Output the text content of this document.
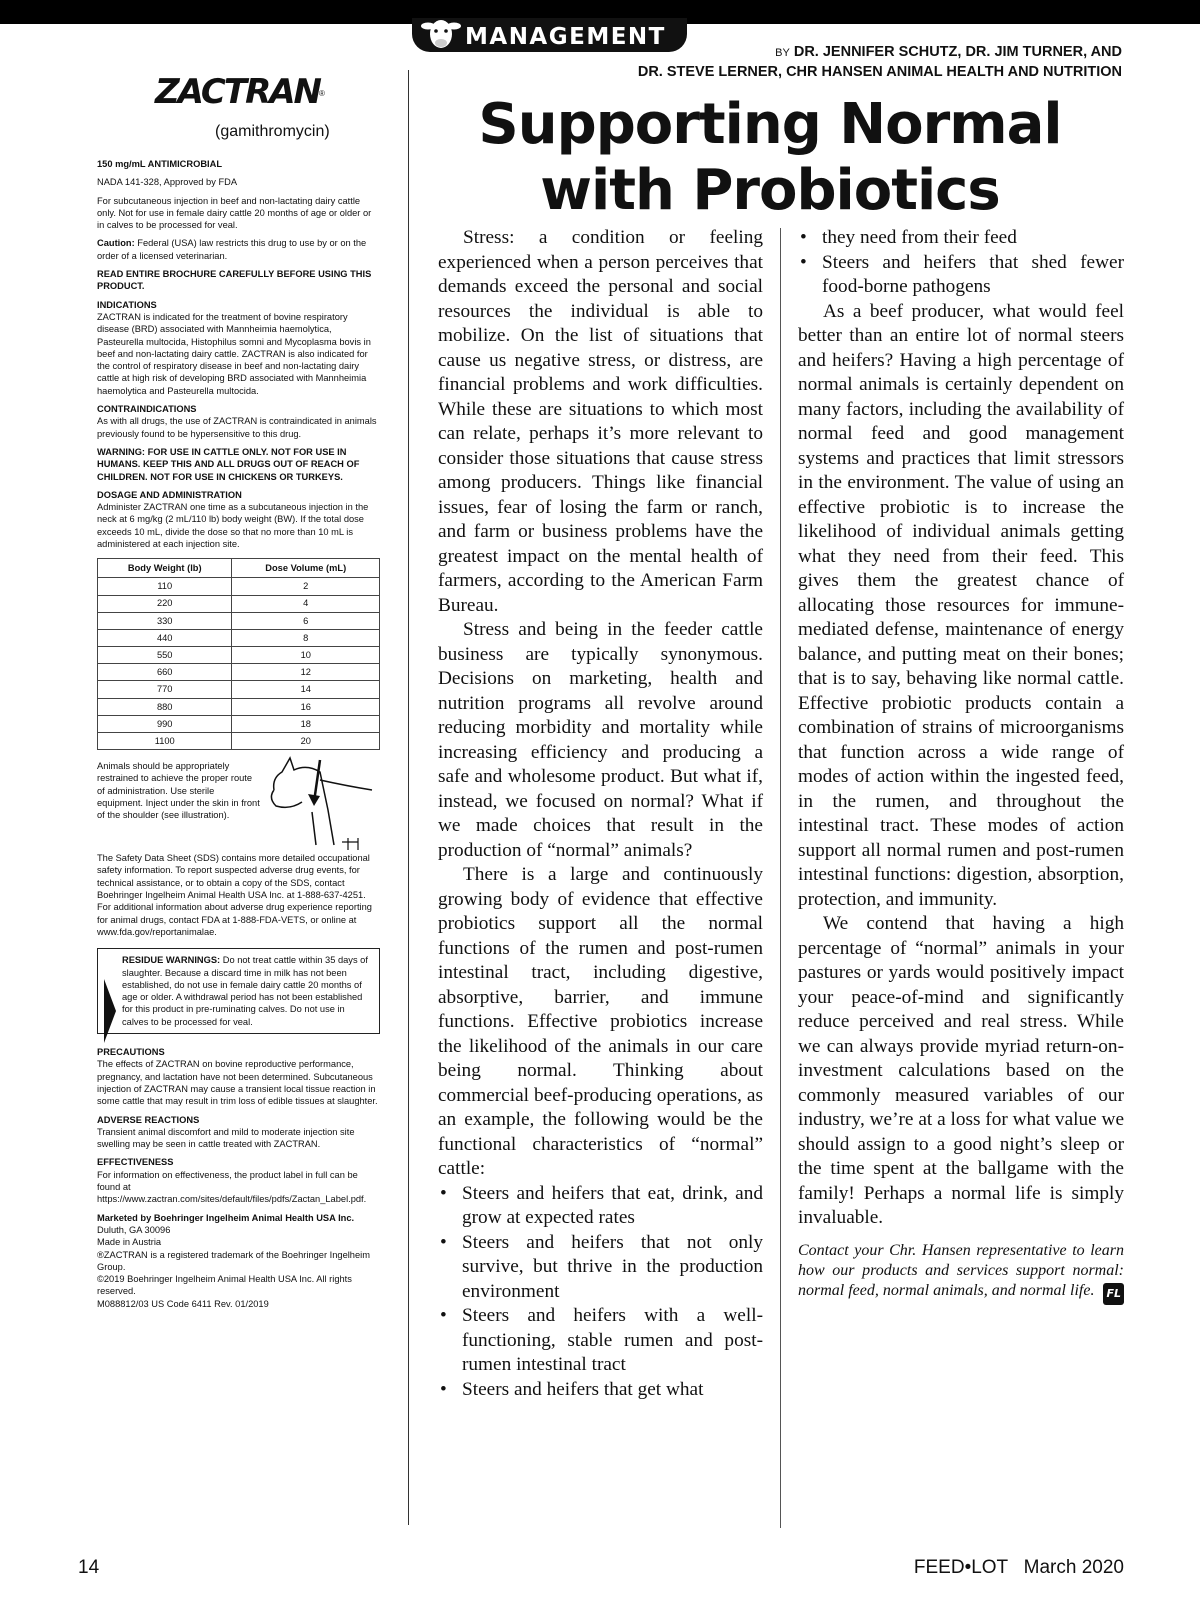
MANAGEMENT
BY DR. JENNIFER SCHUTZ, DR. JIM TURNER, AND
DR. STEVE LERNER, CHR HANSEN ANIMAL HEALTH AND NUTRITION
Supporting Normal
with Probiotics

Stress: a condition or feeling experienced when a person perceives that demands exceed the personal and social resources the individual is able to mobilize. On the list of situations that cause us negative stress, or distress, are financial problems and work difficulties. While these are situations to which most can relate, perhaps it’s more relevant to consider those situations that cause stress among producers. Things like financial issues, fear of losing the farm or ranch, and farm or business problems have the greatest impact on the mental health of farmers, according to the American Farm Bureau.

Stress and being in the feeder cattle business are typically synonymous. Decisions on marketing, health and nutrition programs all revolve around reducing morbidity and mortality while increasing efficiency and producing a safe and wholesome product. But what if, instead, we focused on normal? What if we made choices that result in the production of “normal” animals?

There is a large and continuously growing body of evidence that effective probiotics support all the normal functions of the rumen and post-rumen intestinal tract, including digestive, absorptive, barrier, and immune functions. Effective probiotics increase the likelihood of the animals in our care being normal. Thinking about commercial beef-producing operations, as an example, the following would be the functional characteristics of “normal” cattle:

• Steers and heifers that eat, drink, and grow at expected rates
• Steers and heifers that not only survive, but thrive in the production environment
• Steers and heifers with a well-functioning, stable rumen and post-rumen intestinal tract
• Steers and heifers that get what
• they need from their feed
• Steers and heifers that shed fewer food-borne pathogens

As a beef producer, what would feel better than an entire lot of normal steers and heifers? Having a high percentage of normal animals is certainly dependent on many factors, including the availability of normal feed and good management systems and practices that limit stressors in the environment. The value of using an effective probiotic is to increase the likelihood of individual animals getting what they need from their feed. This gives them the greatest chance of allocating those resources for immune-mediated defense, maintenance of energy balance, and putting meat on their bones; that is to say, behaving like normal cattle. Effective probiotic products contain a combination of strains of microorganisms that function across a wide range of modes of action within the ingested feed, in the rumen, and throughout the intestinal tract. These modes of action support all normal rumen and post-rumen intestinal functions: digestion, absorption, protection, and immunity.

We contend that having a high percentage of “normal” animals in your pastures or yards would positively impact your peace-of-mind and significantly reduce perceived and real stress. While we can always provide myriad return-on-investment calculations based on the commonly measured variables of our industry, we’re at a loss for what value we should assign to a good night’s sleep or the time spent at the ballgame with the family! Perhaps a normal life is simply invaluable.

Contact your Chr. Hansen representative to learn how our products and services support normal: normal feed, normal animals, and normal life. FL

ZACTRAN
®
(gamithromycin)

150 mg/mL ANTIMICROBIAL

NADA 141-328, Approved by FDA

For subcutaneous injection in beef and non-lactating dairy cattle only. Not for use in female dairy cattle 20 months of age or older or in calves to be processed for veal.

Caution: Federal (USA) law restricts this drug to use by or on the order of a licensed veterinarian.

READ ENTIRE BROCHURE CAREFULLY BEFORE USING THIS PRODUCT.

INDICATIONS

ZACTRAN is indicated for the treatment of bovine respiratory disease (BRD) associated with Mannheimia haemolytica, Pasteurella multocida, Histophilus somni and Mycoplasma bovis in beef and non-lactating dairy cattle. ZACTRAN is also indicated for the control of respiratory disease in beef and non-lactating dairy cattle at high risk of developing BRD associated with Mannheimia haemolytica and Pasteurella multocida.

CONTRAINDICATIONS

As with all drugs, the use of ZACTRAN is contraindicated in animals previously found to be hypersensitive to this drug.

WARNING: FOR USE IN CATTLE ONLY. NOT FOR USE IN HUMANS. KEEP THIS AND ALL DRUGS OUT OF REACH OF CHILDREN. NOT FOR USE IN CHICKENS OR TURKEYS.

DOSAGE AND ADMINISTRATION

Administer ZACTRAN one time as a subcutaneous injection in the neck at 6 mg/kg (2 mL/110 lb) body weight (BW). If the total dose exceeds 10 mL, divide the dose so that no more than 10 mL is administered at each injection site.

Body Weight (lb)	Dose Volume (mL)
110	2
220	4
330	6
440	8
550	10
660	12
770	14
880	16
990	18
1100	20
Animals should be appropriately restrained to achieve the proper route of administration. Use sterile equipment. Inject under the skin in front of the shoulder (see illustration).

The Safety Data Sheet (SDS) contains more detailed occupational safety information. To report suspected adverse drug events, for technical assistance, or to obtain a copy of the SDS, contact Boehringer Ingelheim Animal Health USA Inc. at 1-888-637-4251. For additional information about adverse drug experience reporting for animal drugs, contact FDA at 1-888-FDA-VETS, or online at www.fda.gov/reportanimalae.

RESIDUE WARNINGS: Do not treat cattle within 35 days of slaughter. Because a discard time in milk has not been established, do not use in female dairy cattle 20 months of age or older. A withdrawal period has not been established for this product in pre-ruminating calves. Do not use in calves to be processed for veal.

PRECAUTIONS

The effects of ZACTRAN on bovine reproductive performance, pregnancy, and lactation have not been determined. Subcutaneous injection of ZACTRAN may cause a transient local tissue reaction in some cattle that may result in trim loss of edible tissues at slaughter.

ADVERSE REACTIONS

Transient animal discomfort and mild to moderate injection site swelling may be seen in cattle treated with ZACTRAN.

EFFECTIVENESS

For information on effectiveness, the product label in full can be found at https://www.zactran.com/sites/default/files/pdfs/Zactan_Label.pdf.

Marketed by Boehringer Ingelheim Animal Health USA Inc.

Duluth, GA 30096
Made in Austria
®ZACTRAN is a registered trademark of the Boehringer Ingelheim Group.
©2019 Boehringer Ingelheim Animal Health USA Inc. All rights reserved.
M088812/03 US Code 6411 Rev. 01/2019
14	FEED•LOT   March 2020
